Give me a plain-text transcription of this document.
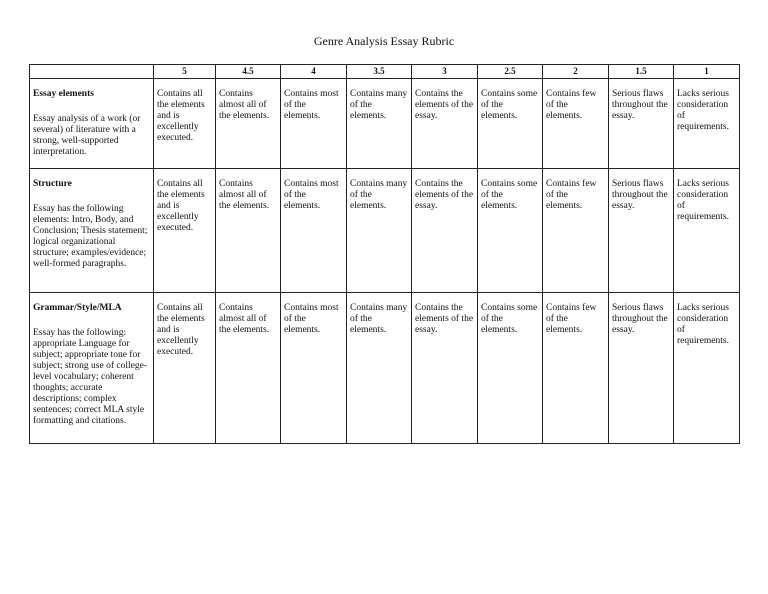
Genre Analysis Essay Rubric
	5	4.5	4	3.5	3	2.5	2	1.5	1

Essay elements
Essay analysis of a work (or several) of literature with a strong, well-supported interpretation.	Contains all the elements and is excellently executed.	Contains almost all of the elements.	Contains most of the elements.	Contains many of the elements.	Contains the elements of the essay.	Contains some of the elements.	Contains few of the elements.	Serious flaws throughout the essay.	Lacks serious consideration of requirements.

Structure
Essay has the following elements: Intro, Body, and Conclusion; Thesis statement; logical organizational structure; examples/evidence; well-formed paragraphs.	Contains all the elements and is excellently executed.	Contains almost all of the elements.	Contains most of the elements.	Contains many of the elements.	Contains the elements of the essay.	Contains some of the elements.	Contains few of the elements.	Serious flaws throughout the essay.	Lacks serious consideration of requirements.

Grammar/Style/MLA
Essay has the following: appropriate Language for subject; appropriate tone for subject; strong use of college-level vocabulary; coherent thoughts; accurate descriptions; complex sentences; correct MLA style formatting and citations.	Contains all the elements and is excellently executed.	Contains almost all of the elements.	Contains most of the elements.	Contains many of the elements.	Contains the elements of the essay.	Contains some of the elements.	Contains few of the elements.	Serious flaws throughout the essay.	Lacks serious consideration of requirements.
